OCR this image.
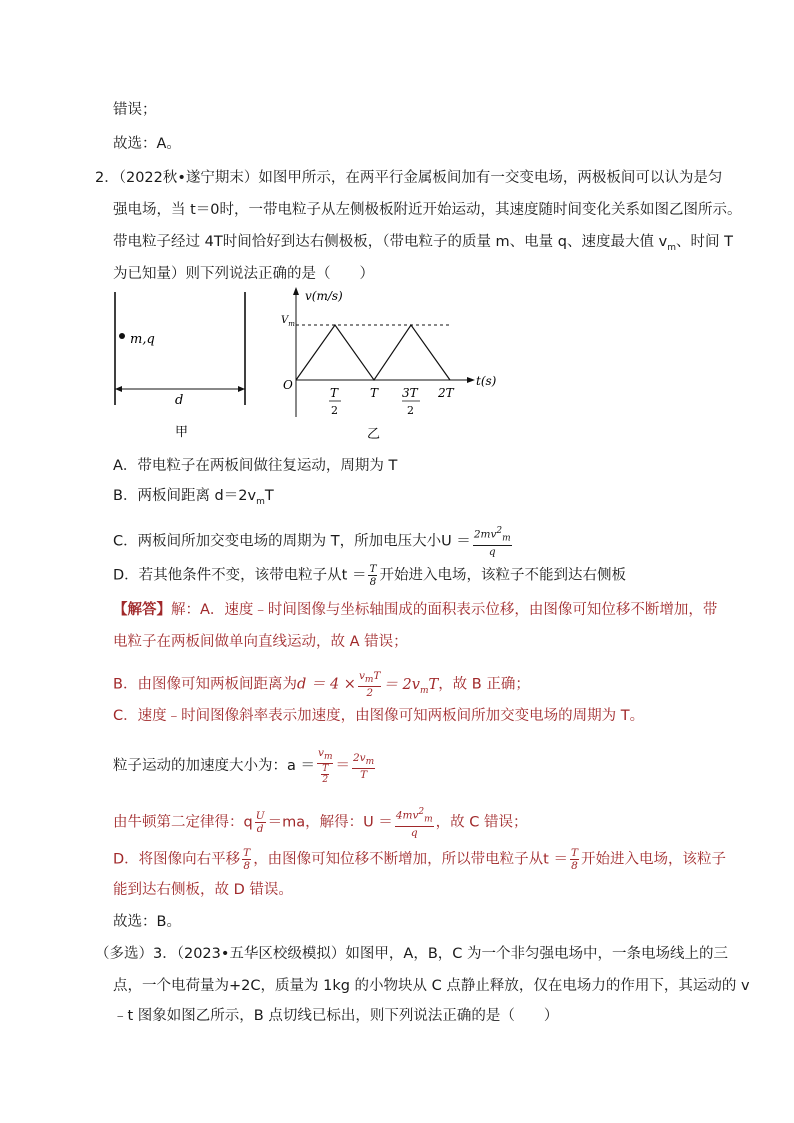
错误；
故选：A。
2．（2022秋•遂宁期末）如图甲所示，在两平行金属板间加有一交变电场，两极板间可以认为是匀
强电场，当 t＝0时，一带电粒子从左侧极板附近开始运动，其速度随时间变化关系如图乙图所示。
带电粒子经过 4T时间恰好到达右侧极板，（带电粒子的质量 m、电量 q、速度最大值 $v_m$、时间 T
为已知量）则下列说法正确的是（　　）
m,q
d
甲
v(m/s)
t(s)
O
$V_m$
T
2
T 3T
2
2T
乙
A．带电粒子在两板间做往复运动，周期为 T
B．两板间距离 $d=2v_mT$
C．两板间所加交变电场的周期为 T，所加电压大小$U = \frac{2mv^2_m}{q}$
D．若其他条件不变，该带电粒子从$t = \frac{T}{8}$ 开始进入电场，该粒子不能到达右侧板
【解答】解：A．速度﹣时间图像与坐标轴围成的面积表示位移，由图像可知位移不断增加，带
电粒子在两板间做单向直线运动，故 A 错误；
B．由图像可知两板间距离为$d = 4 \times \frac{v_mT}{2} = 2v_mT$，故 B 正确；
C．速度﹣时间图像斜率表示加速度，由图像可知两板间所加交变电场的周期为 T。
粒子运动的加速度大小为：$a = \frac{v_m}{\frac{T}{2}} = \frac{2v_m}{T}$
由牛顿第二定律得：q $\frac{U}{d} =ma$，解得：$U = \frac{4mv^2_m}{q}$ ，故 C 错误；
D．将图像向右平移 $\frac{T}{8}$ ，由图像可知位移不断增加，所以带电粒子从$t = \frac{T}{8}$ 开始进入电场，该粒子
能到达右侧板，故 D 错误。
故选：B。
（多选）3．（2023•五华区校级模拟）如图甲，A，B，C 为一个非匀强电场中，一条电场线上的三
点，一个电荷量为+2C，质量为 1kg 的小物块从 C 点静止释放，仅在电场力的作用下，其运动的 v
﹣t 图象如图乙所示，B 点切线已标出，则下列说法正确的是（　　）
